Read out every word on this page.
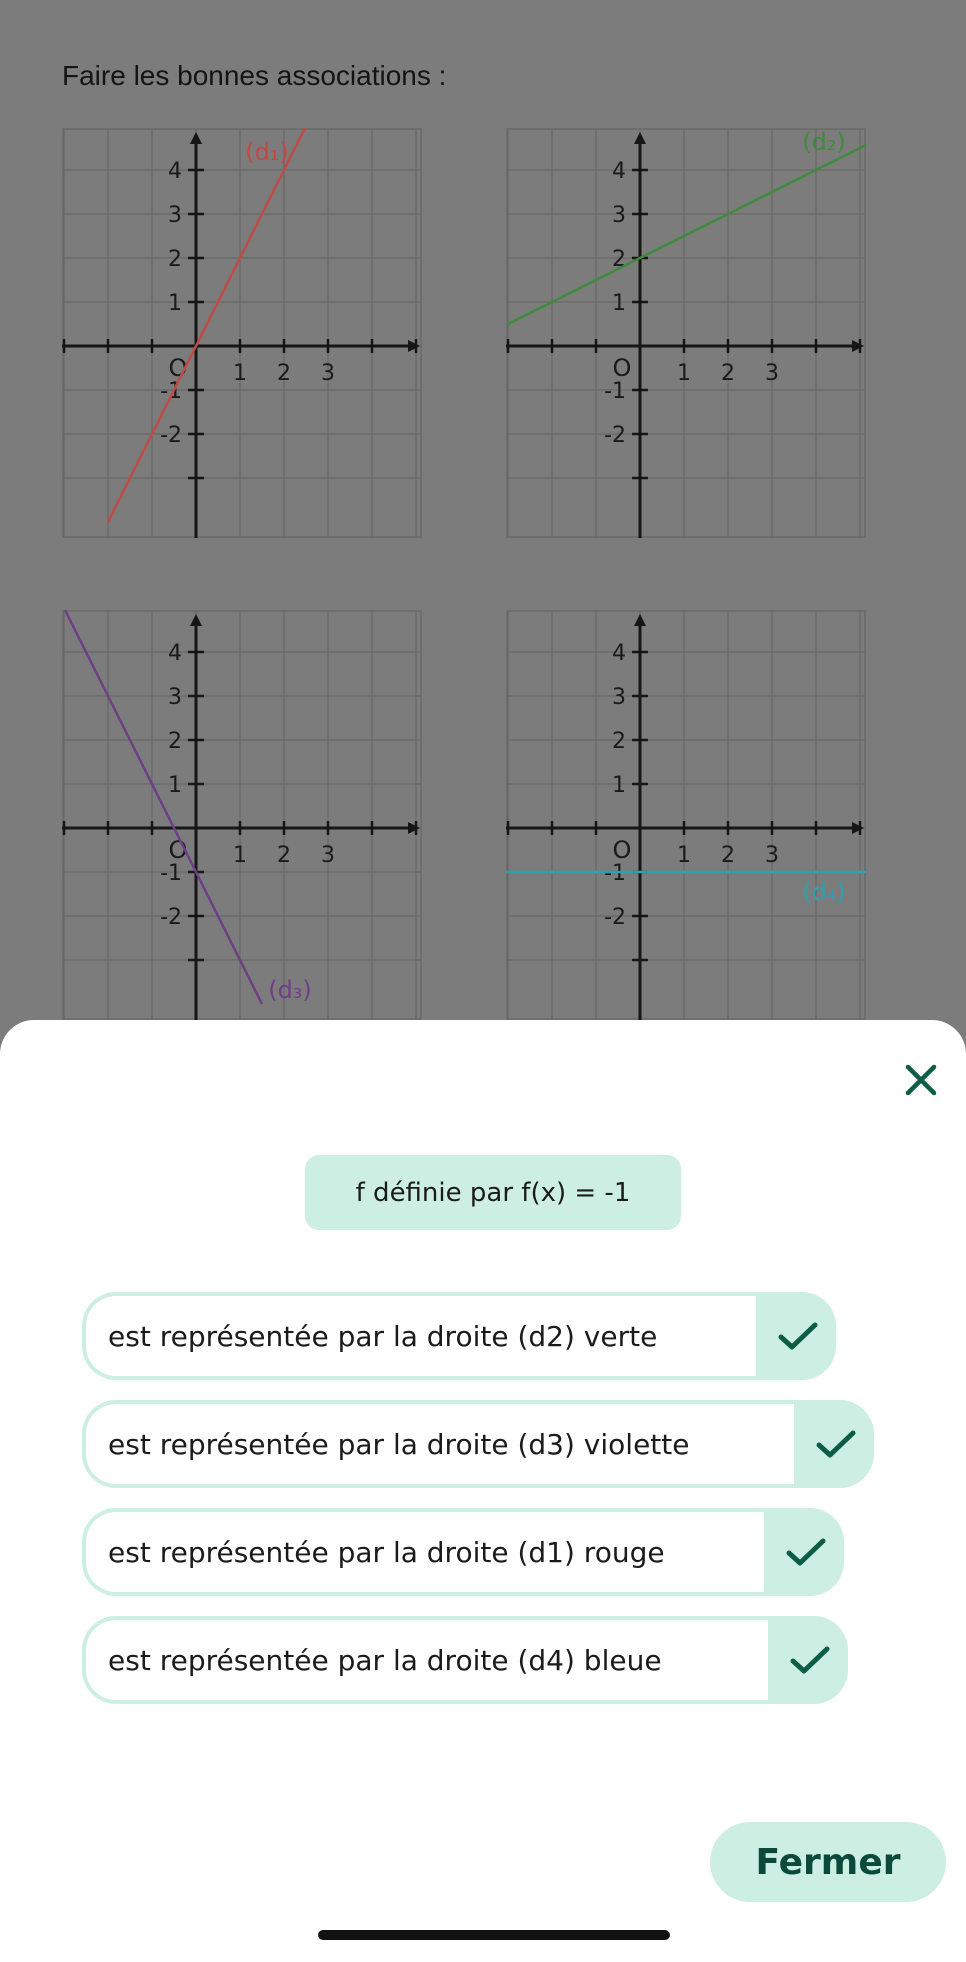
Faire les bonnes associations :
4
3
2
1
-1
-2
1 2 3
O
(d₁)
4
3
2
1
-1
-2
1 2 3
O
(d₂)
4
3
2
1
-1
-2
1 2 3
O
(d₃)
4
3
2
1
-1
-2
1 2 3
O
(d₄)
f définie par f(x) = -1
est représentée par la droite (d2) verte
est représentée par la droite (d3) violette
est représentée par la droite (d1) rouge
est représentée par la droite (d4) bleue
Fermer
